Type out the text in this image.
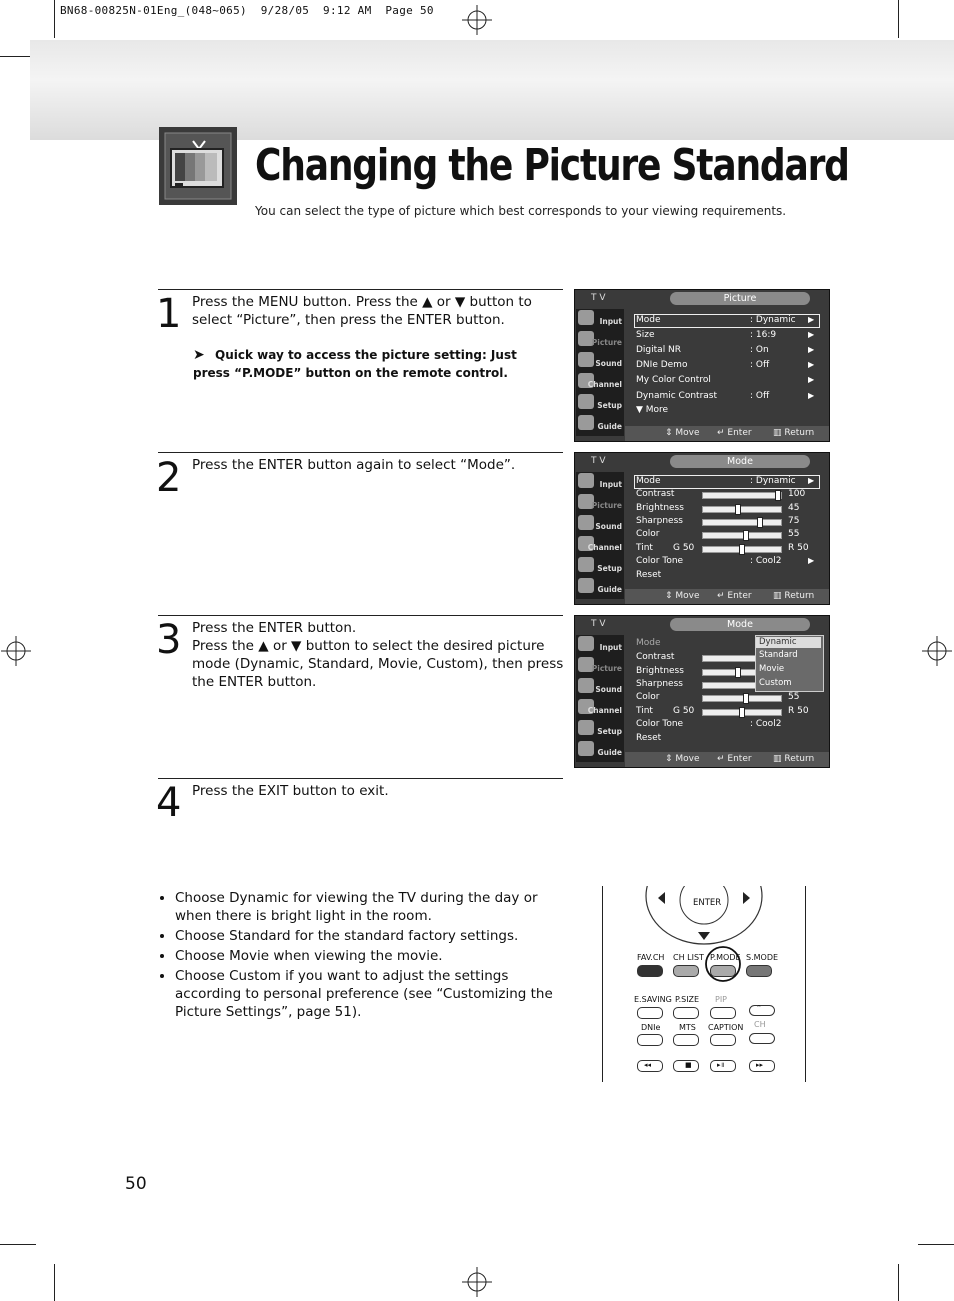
BN68-00825N-01Eng_(048~065)  9/28/05  9:12 AM  Page 50
Changing the Picture Standard
You can select the type of picture which best corresponds to your viewing requirements.
1 Press the MENU button. Press the ▲ or ▼ button to select “Picture”, then press the ENTER button.
➤ Quick way to access the picture setting: Just press “P.MODE” button on the remote control.
2 Press the ENTER button again to select “Mode”.
3 Press the ENTER button.
Press the ▲ or ▼ button to select the desired picture mode (Dynamic, Standard, Movie, Custom), then press the ENTER button.
4 Press the EXIT button to exit.
T V	Picture
Input
Picture
Sound
Channel
Setup
Guide
Mode	: Dynamic ▶
Size	: 16:9	▶
Digital NR	: On	▶
DNIe Demo	: Off	▶
My Color Control	▶
Dynamic Contrast	: Off	▶
▼ More
⇕ Move ↵ Enter ▥ Return
T V	Mode
Input
Picture
Sound
Channel
Setup
Guide
Mode	: Dynamic ▶
Contrast	100
Brightness	45
Sharpness	75
Color	55
Tint G 50	R 50
Color Tone	: Cool2	▶
Reset
⇕ Move ↵ Enter ▥ Return
T V	Mode
Input
Picture
Sound
Channel
Setup
Guide
Mode
Contrast
Brightness
Sharpness
Color	55
Tint G 50	R 50
Color Tone	: Cool2
Reset
Dynamic
Standard
Movie
Custom
⇕ Move ↵ Enter ▥ Return
• Choose Dynamic for viewing the TV during the day or when there is bright light in the room.
• Choose Standard for the standard factory settings.
• Choose Movie when viewing the movie.
• Choose Custom if you want to adjust the settings according to personal preference (see “Customizing the Picture Settings”, page 51).
ENTER
FAV.CH CH LIST P.MODE S.MODE
E.SAVING P.SIZE PIP
⌃
DNIe MTS CAPTION CH
◂◂	■	▸॥	▸▸
50
